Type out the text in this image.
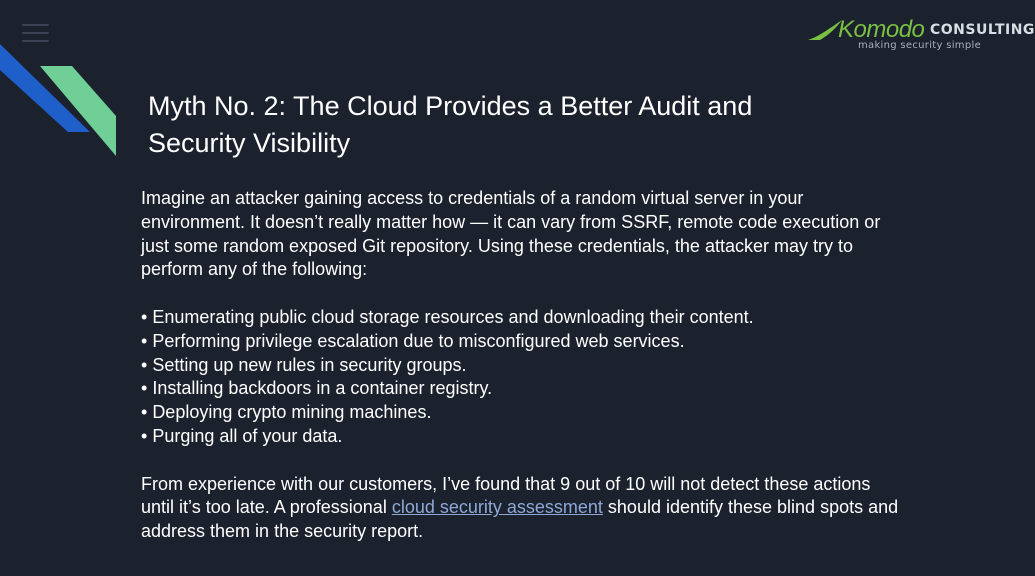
Komodo CONSULTING
making security simple
Myth No. 2: The Cloud Provides a Better Audit and Security Visibility

Imagine an attacker gaining access to credentials of a random virtual server in your environment. It doesn’t really matter how — it can vary from SSRF, remote code execution or just some random exposed Git repository. Using these credentials, the attacker may try to perform any of the following:

• Enumerating public cloud storage resources and downloading their content.
• Performing privilege escalation due to misconfigured web services.
• Setting up new rules in security groups.
• Installing backdoors in a container registry.
• Deploying crypto mining machines.
• Purging all of your data.

From experience with our customers, I’ve found that 9 out of 10 will not detect these actions until it’s too late. A professional cloud security assessment should identify these blind spots and address them in the security report.
